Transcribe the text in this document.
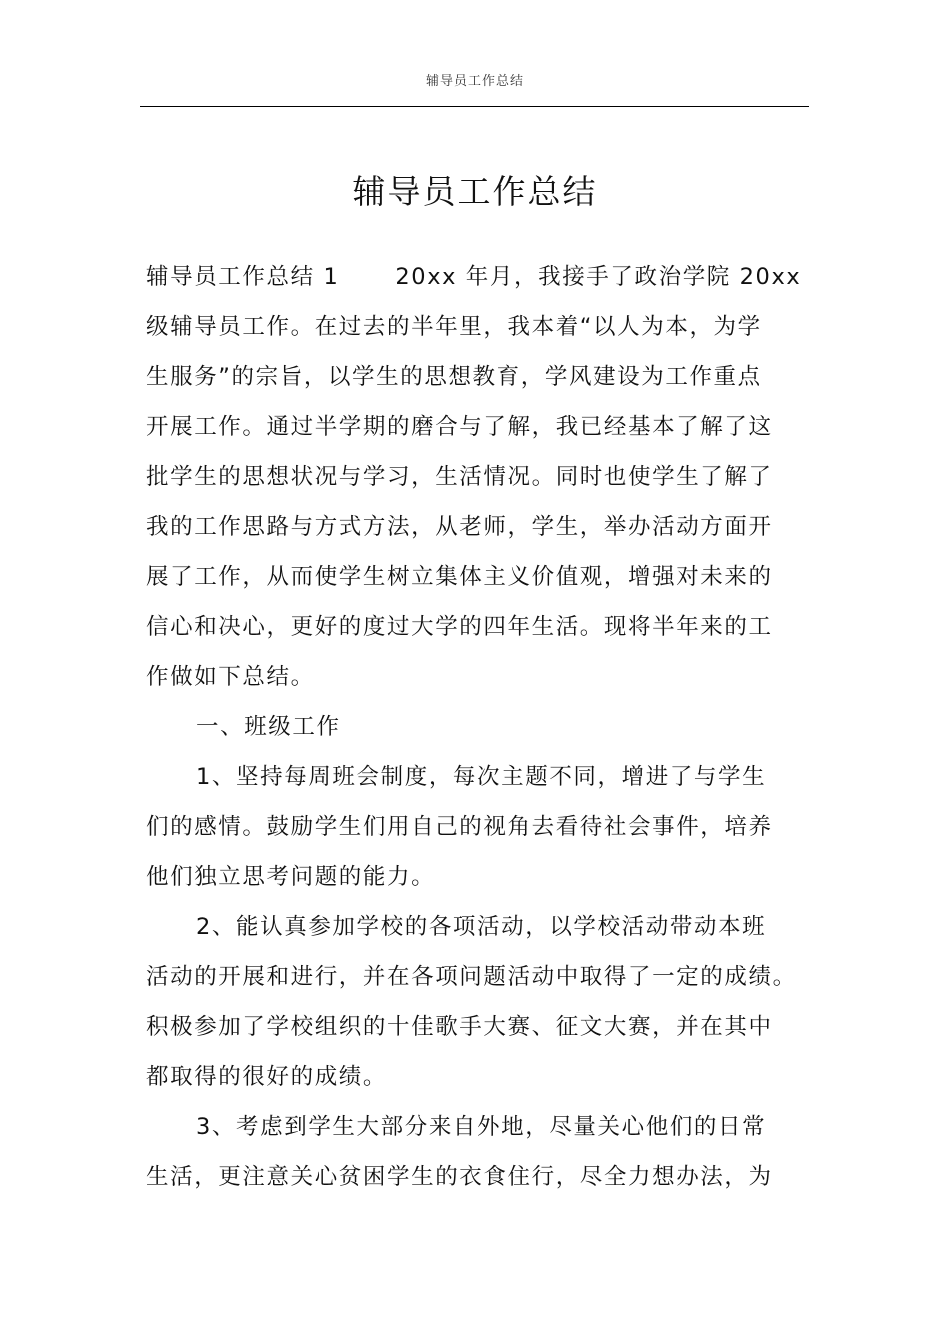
辅导员工作总结
辅导员工作总结
辅导员工作总结 1 20xx 年月，我接手了政治学院 20xx
级辅导员工作。在过去的半年里，我本着“以人为本，为学
生服务”的宗旨，以学生的思想教育，学风建设为工作重点
开展工作。通过半学期的磨合与了解，我已经基本了解了这
批学生的思想状况与学习，生活情况。同时也使学生了解了
我的工作思路与方式方法，从老师，学生，举办活动方面开
展了工作，从而使学生树立集体主义价值观，增强对未来的
信心和决心，更好的度过大学的四年生活。现将半年来的工
作做如下总结。
一、班级工作
1、坚持每周班会制度，每次主题不同，增进了与学生
们的感情。鼓励学生们用自己的视角去看待社会事件，培养
他们独立思考问题的能力。
2、能认真参加学校的各项活动，以学校活动带动本班
活动的开展和进行，并在各项问题活动中取得了一定的成绩。
积极参加了学校组织的十佳歌手大赛、征文大赛，并在其中
都取得的很好的成绩。
3、考虑到学生大部分来自外地，尽量关心他们的日常
生活，更注意关心贫困学生的衣食住行，尽全力想办法，为
